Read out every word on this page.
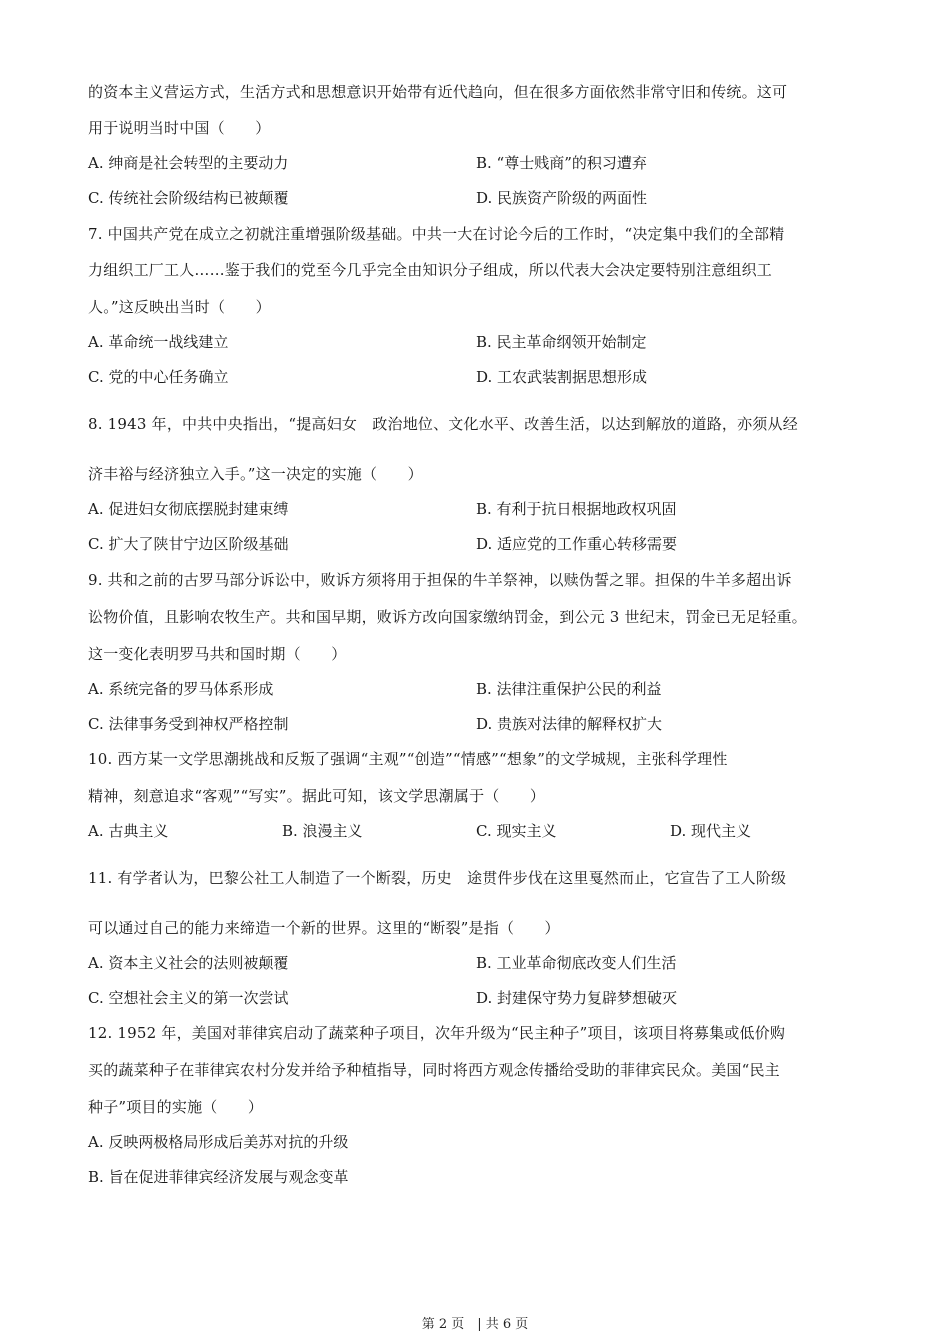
的资本主义营运方式，生活方式和思想意识开始带有近代趋向，但在很多方面依然非常守旧和传统。这可
用于说明当时中国（　　）
A. 绅商是社会转型的主要动力	B. “尊士贱商”的积习遭弃
C. 传统社会阶级结构已被颠覆	D. 民族资产阶级的两面性
7. 中国共产党在成立之初就注重增强阶级基础。中共一大在讨论今后的工作时，“决定集中我们的全部精
力组织工厂工人……鉴于我们的党至今几乎完全由知识分子组成，所以代表大会决定要特别注意组织工
人。”这反映出当时（　　）
A. 革命统一战线建立	B. 民主革命纲领开始制定
C. 党的中心任务确立	D. 工农武装割据思想形成
8. 1943 年，中共中央指出，“提高妇女　政治地位、文化水平、改善生活，以达到解放的道路，亦须从经
济丰裕与经济独立入手。”这一决定的实施（　　）
A. 促进妇女彻底摆脱封建束缚	B. 有利于抗日根据地政权巩固
C. 扩大了陕甘宁边区阶级基础	D. 适应党的工作重心转移需要
9. 共和之前的古罗马部分诉讼中，败诉方须将用于担保的牛羊祭神，以赎伪誓之罪。担保的牛羊多超出诉
讼物价值，且影响农牧生产。共和国早期，败诉方改向国家缴纳罚金，到公元 3 世纪末，罚金已无足轻重。
这一变化表明罗马共和国时期（　　）
A. 系统完备的罗马体系形成	B. 法律注重保护公民的利益
C. 法律事务受到神权严格控制	D. 贵族对法律的解释权扩大
10. 西方某一文学思潮挑战和反叛了强调“主观”“创造”“情感”“想象”的文学城规，主张科学理性
精神，刻意追求“客观”“写实”。据此可知，该文学思潮属于（　　）
A. 古典主义	B. 浪漫主义	C. 现实主义	D. 现代主义
11. 有学者认为，巴黎公社工人制造了一个断裂，历史　途贯件步伐在这里戛然而止，它宣告了工人阶级
可以通过自己的能力来缔造一个新的世界。这里的“断裂”是指（　　）
A. 资本主义社会的法则被颠覆	B. 工业革命彻底改变人们生活
C. 空想社会主义的第一次尝试	D. 封建保守势力复辟梦想破灭
12. 1952 年，美国对菲律宾启动了蔬菜种子项目，次年升级为“民主种子”项目，该项目将募集或低价购
买的蔬菜种子在菲律宾农村分发并给予种植指导，同时将西方观念传播给受助的菲律宾民众。美国“民主
种子”项目的实施（　　）
A. 反映两极格局形成后美苏对抗的升级
B. 旨在促进菲律宾经济发展与观念变革
第 2 页　| 共 6 页
